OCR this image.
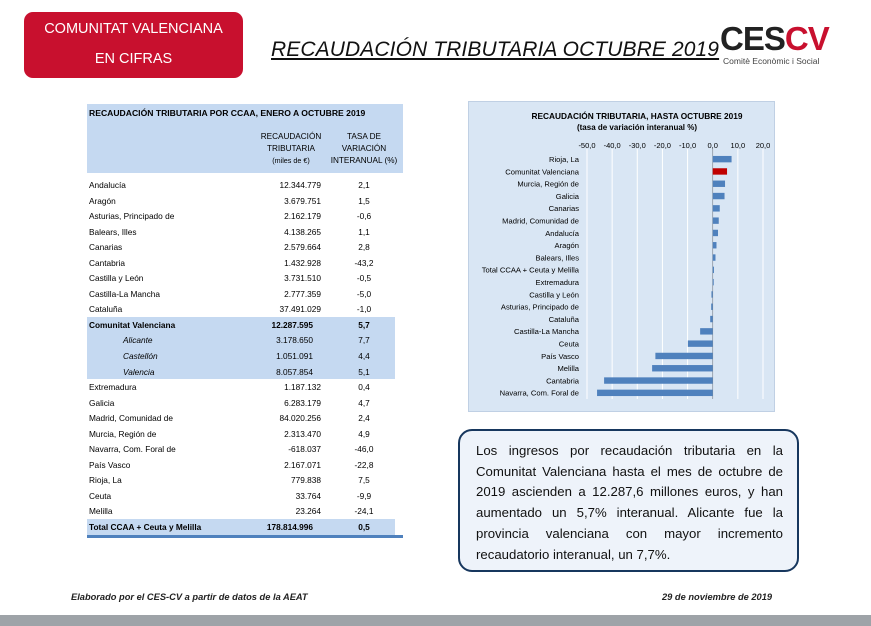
COMUNITAT VALENCIANA
EN CIFRAS	RECAUDACIÓN TRIBUTARIA OCTUBRE 2019 CESCV
Comitè Econòmic i Social
RECAUDACIÓN TRIBUTARIA POR CCAA, ENERO A OCTUBRE 2019
RECAUDACIÓN
TRIBUTARIA
(miles de €)
TASA DE
VARIACIÓN
INTERANUAL (%)
Andalucía	12.344.779	2,1
Aragón	3.679.751	1,5
Asturias, Principado de	2.162.179	-0,6
Balears, Illes	4.138.265	1,1
Canarias	2.579.664	2,8
Cantabria	1.432.928	-43,2
Castilla y León	3.731.510	-0,5
Castilla-La Mancha	2.777.359	-5,0
Cataluña	37.491.029	-1,0
Comunitat Valenciana	12.287.595	5,7
Alicante	3.178.650	7,7
Castellón	1.051.091	4,4
Valencia	8.057.854	5,1
Extremadura	1.187.132	0,4
Galicia	6.283.179	4,7
Madrid, Comunidad de	84.020.256	2,4
Murcia, Región de	2.313.470	4,9
Navarra, Com. Foral de	-618.037	-46,0
País Vasco	2.167.071	-22,8
Rioja, La	779.838	7,5
Ceuta	33.764	-9,9
Melilla	23.264	-24,1
Total CCAA + Ceuta y Melilla	178.814.996	0,5
RECAUDACIÓN TRIBUTARIA, HASTA OCTUBRE 2019
(tasa de variación interanual %)
-50,0 -40,0 -30,0 -20,0 -10,0 0,0 10,0 20,0
Rioja, La
Comunitat Valenciana
Murcia, Región de
Galicia
Canarias
Madrid, Comunidad de
Andalucía
Aragón
Balears, Illes
Total CCAA + Ceuta y Melilla
Extremadura
Castilla y León
Asturias, Principado de
Cataluña
Castilla-La Mancha
Ceuta
País Vasco
Melilla
Cantabria
Navarra, Com. Foral de

Los ingresos por recaudación tributaria en la Comunitat Valenciana hasta el mes de octubre de 2019 ascienden a 12.287,6 millones euros, y han aumentado un 5,7% interanual. Alicante fue la provincia valenciana con mayor incremento recaudatorio interanual, un 7,7%.

Elaborado por el CES-CV a partir de datos de la AEAT	29 de noviembre de 2019
